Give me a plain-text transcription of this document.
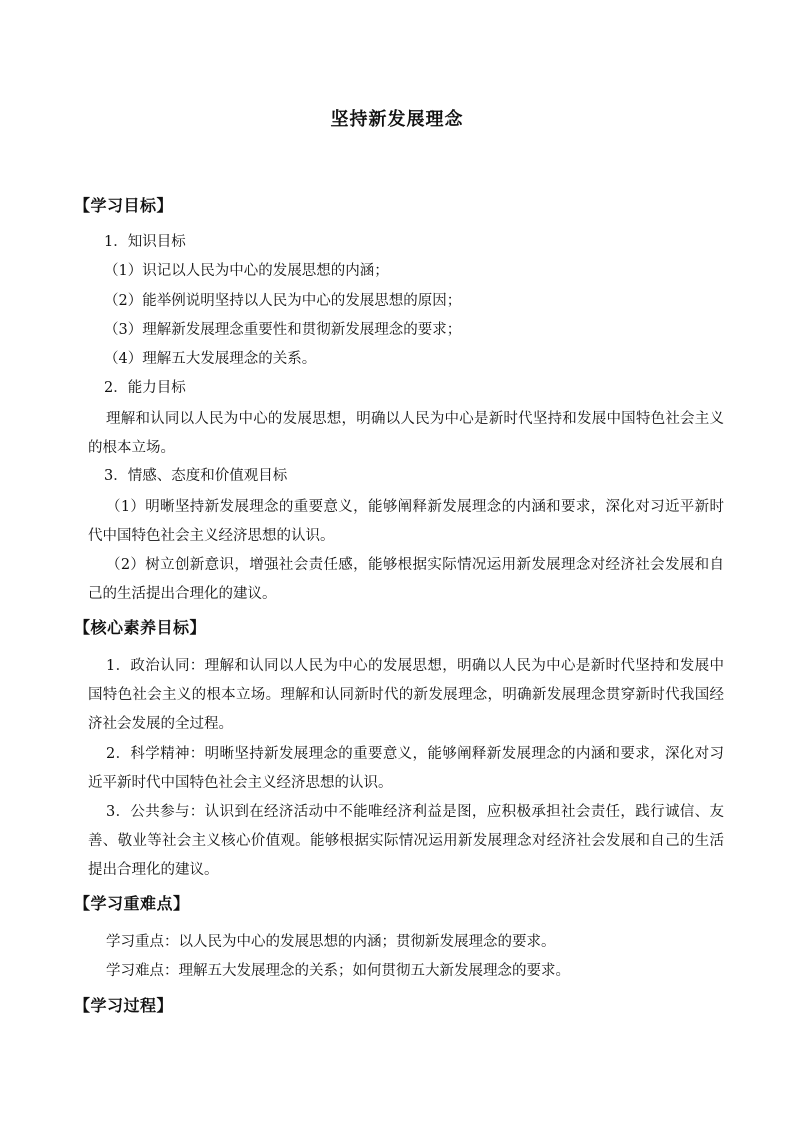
坚持新发展理念
【学习目标】
1．知识目标
（1）识记以人民为中心的发展思想的内涵；
（2）能举例说明坚持以人民为中心的发展思想的原因；
（3）理解新发展理念重要性和贯彻新发展理念的要求；
（4）理解五大发展理念的关系。
2．能力目标
理解和认同以人民为中心的发展思想，明确以人民为中心是新时代坚持和发展中国特色社会主义的根本立场。
3．情感、态度和价值观目标
（1）明晰坚持新发展理念的重要意义，能够阐释新发展理念的内涵和要求，深化对习近平新时代中国特色社会主义经济思想的认识。
（2）树立创新意识，增强社会责任感，能够根据实际情况运用新发展理念对经济社会发展和自己的生活提出合理化的建议。
【核心素养目标】
1．政治认同：理解和认同以人民为中心的发展思想，明确以人民为中心是新时代坚持和发展中国特色社会主义的根本立场。理解和认同新时代的新发展理念，明确新发展理念贯穿新时代我国经济社会发展的全过程。
2．科学精神：明晰坚持新发展理念的重要意义，能够阐释新发展理念的内涵和要求，深化对习近平新时代中国特色社会主义经济思想的认识。
3．公共参与：认识到在经济活动中不能唯经济利益是图，应积极承担社会责任，践行诚信、友善、敬业等社会主义核心价值观。能够根据实际情况运用新发展理念对经济社会发展和自己的生活提出合理化的建议。
【学习重难点】
学习重点：以人民为中心的发展思想的内涵；贯彻新发展理念的要求。
学习难点：理解五大发展理念的关系；如何贯彻五大新发展理念的要求。
【学习过程】
